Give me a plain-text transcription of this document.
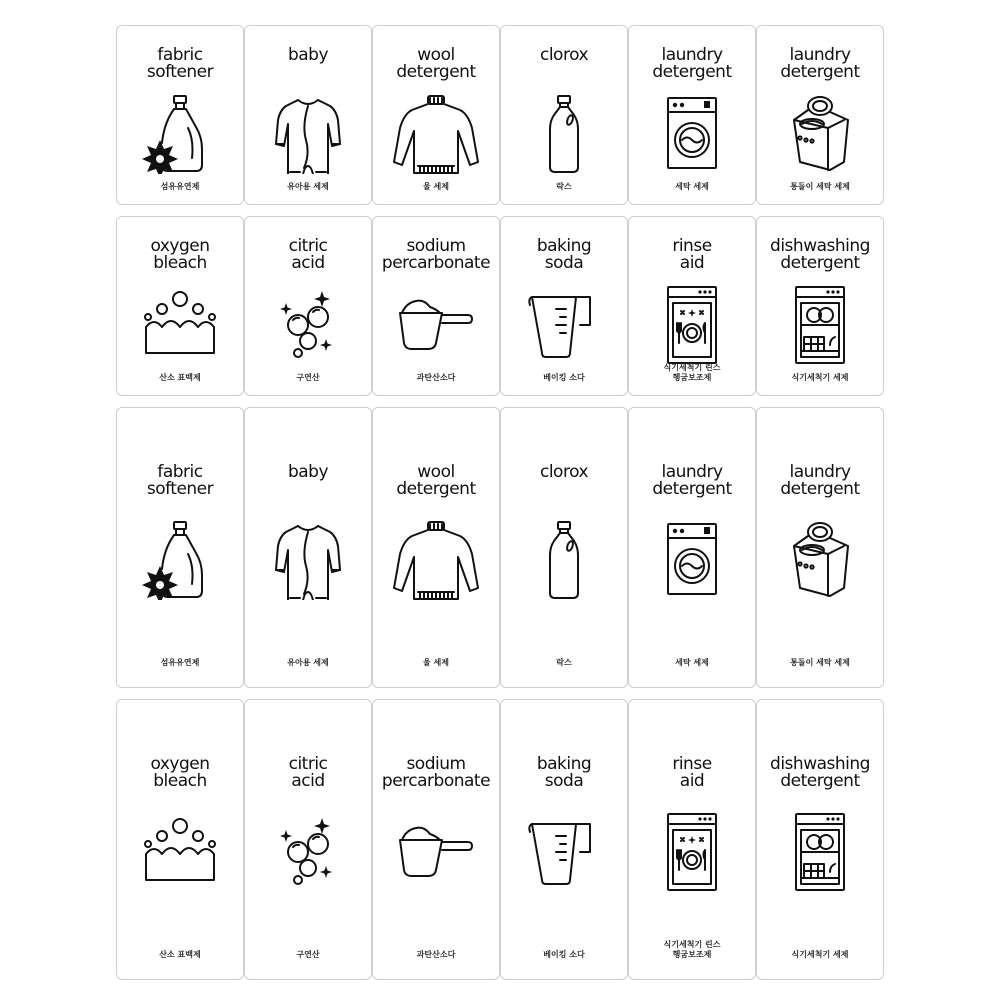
fabric
softener
섬유유연제
baby
유아용 세제
wool
detergent
울 세제
clorox
락스
laundry
detergent
세탁 세제
laundry
detergent
통돌이 세탁 세제
oxygen
bleach
산소 표백제
citric
acid
구연산
sodium
percarbonate
과탄산소다
baking
soda
베이킹 소다
rinse
aid
식기세척기 린스
헹굼보조제
dishwashing
detergent
식기세척기 세제
fabric
softener
섬유유연제
baby
유아용 세제
wool
detergent
울 세제
clorox
락스
laundry
detergent
세탁 세제
laundry
detergent
통돌이 세탁 세제
oxygen
bleach
산소 표백제
citric
acid
구연산
sodium
percarbonate
과탄산소다
baking
soda
베이킹 소다
rinse
aid
식기세척기 린스
헹굼보조제
dishwashing
detergent
식기세척기 세제
